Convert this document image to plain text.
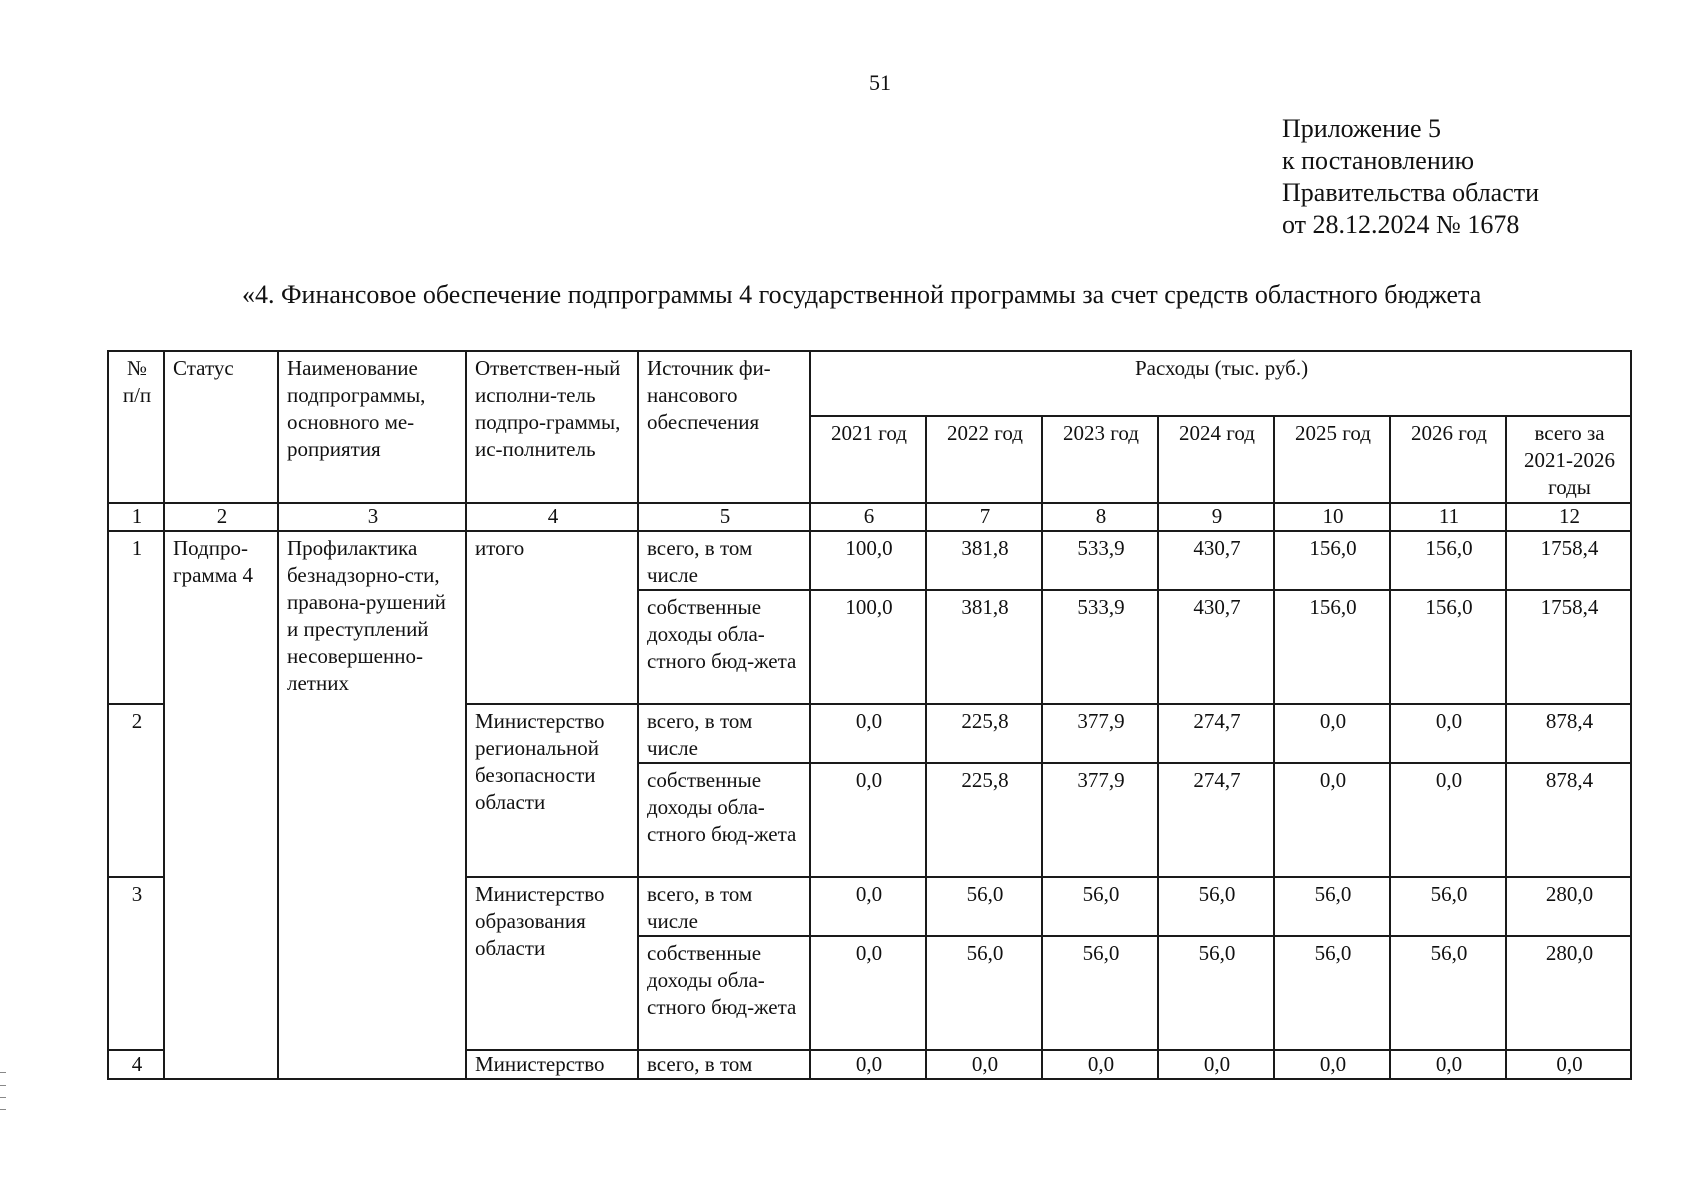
51
Приложение 5
к постановлению
Правительства области
от 28.12.2024 № 1678
«4. Финансовое обеспечение подпрограммы 4 государственной программы за счет средств областного бюджета
№ п/п	Статус	Наименование подпрограммы, основного ме-роприятия	Ответствен-ный исполни-тель подпро-граммы, ис-полнитель	Источник фи-нансового обеспечения	Расходы (тыс. руб.)						
					2021 год	2022 год	2023 год	2024 год	2025 год	2026 год	всего за 2021-2026 годы
1	2	3	4	5	6	7	8	9	10	11	12
1	Подпро-грамма 4	Профилактика безнадзорно-сти, правона-рушений и преступлений несовершенно-летних	итого	всего, в том числе	100,0	381,8	533,9	430,7	156,0	156,0	1758,4
				собственные доходы обла-стного бюд-жета	100,0	381,8	533,9	430,7	156,0	156,0	1758,4
2			Министерство региональной безопасности области	всего, в том числе	0,0	225,8	377,9	274,7	0,0	0,0	878,4
				собственные доходы обла-стного бюд-жета	0,0	225,8	377,9	274,7	0,0	0,0	878,4
3			Министерство образования области	всего, в том числе	0,0	56,0	56,0	56,0	56,0	56,0	280,0
				собственные доходы обла-стного бюд-жета	0,0	56,0	56,0	56,0	56,0	56,0	280,0
4			Министерство	всего, в том	0,0	0,0	0,0	0,0	0,0	0,0	0,0
